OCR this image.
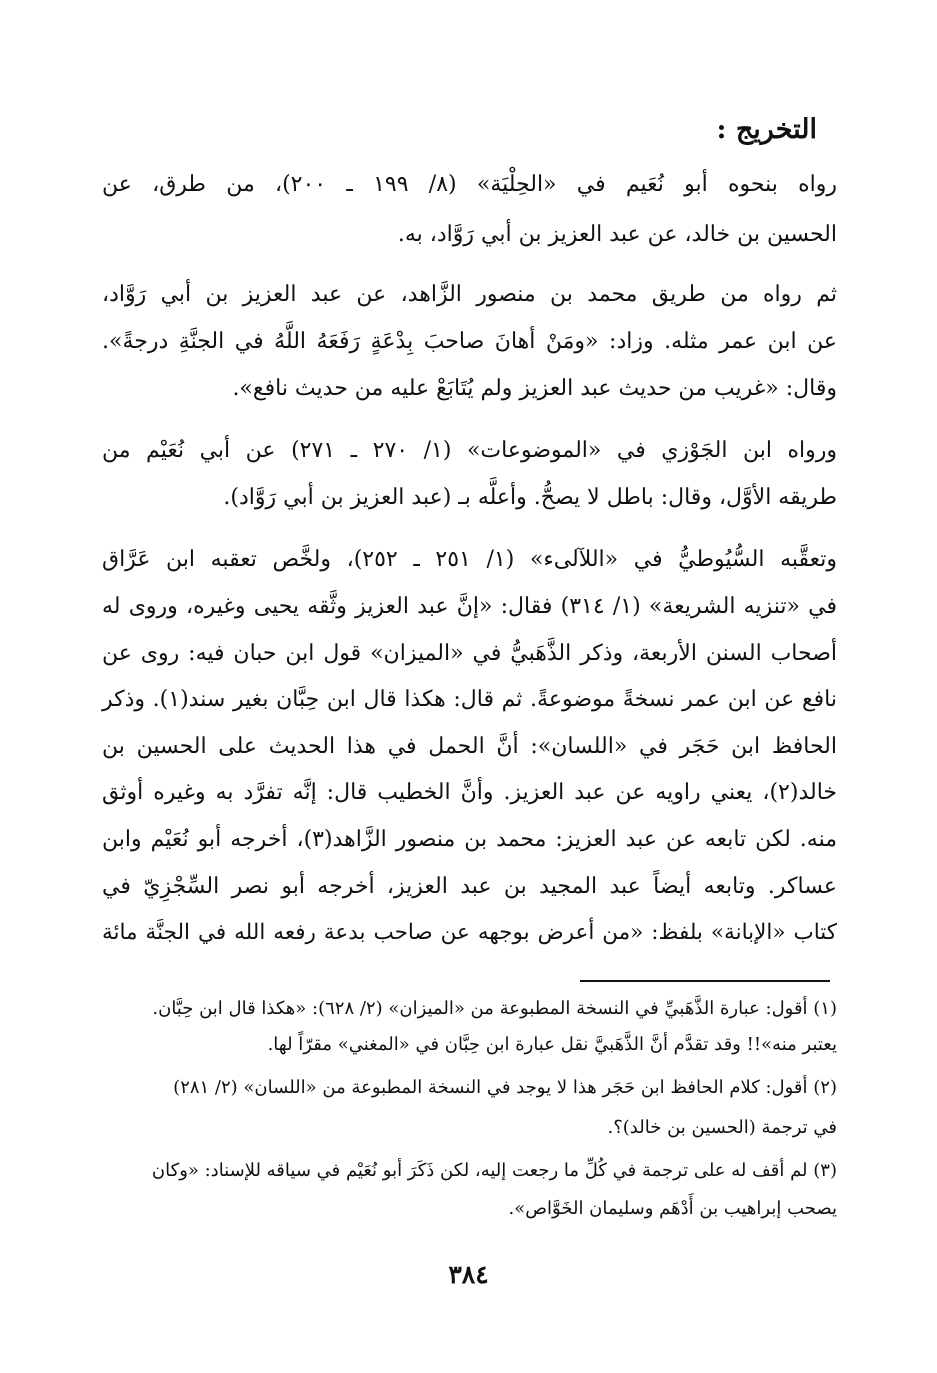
التخريج :
رواه بنحوه أبو نُعَيم في «الحِلْيَة» (٨/ ١٩٩ ـ ٢٠٠)، من طرق، عن
الحسين بن خالد، عن عبد العزيز بن أبي رَوَّاد، به.
ثم رواه من طريق محمد بن منصور الزَّاهد، عن عبد العزيز بن أبي رَوَّاد،
عن ابن عمر مثله. وزاد: «ومَنْ أهانَ صاحبَ بِدْعَةٍ رَفَعَهُ اللَّهُ في الجنَّةِ درجةً».
وقال: «غريب من حديث عبد العزيز ولم يُتَابَعْ عليه من حديث نافع».
ورواه ابن الجَوْزي في «الموضوعات» (١/ ٢٧٠ ـ ٢٧١) عن أبي نُعَيْم من
طريقه الأوَّل، وقال: باطل لا يصحُّ. وأعلَّه بـ (عبد العزيز بن أبي رَوَّاد).
وتعقَّبه السُّيُوطيُّ في «اللآلىء» (١/ ٢٥١ ـ ٢٥٢)، ولخَّص تعقبه ابن عَرَّاق
في «تنزيه الشريعة» (١/ ٣١٤) فقال: «إنَّ عبد العزيز وثَّقه يحيى وغيره، وروى له
أصحاب السنن الأربعة، وذكر الذَّهَبيُّ في «الميزان» قول ابن حبان فيه: روى عن
نافع عن ابن عمر نسخةً موضوعةً. ثم قال: هكذا قال ابن حِبَّان بغير سند(١). وذكر
الحافظ ابن حَجَر في «اللسان»: أنَّ الحمل في هذا الحديث على الحسين بن
خالد(٢)، يعني راويه عن عبد العزيز. وأنَّ الخطيب قال: إنَّه تفرَّد به وغيره أوثق
منه. لكن تابعه عن عبد العزيز: محمد بن منصور الزَّاهد(٣)، أخرجه أبو نُعَيْم وابن
عساكر. وتابعه أيضاً عبد المجيد بن عبد العزيز، أخرجه أبو نصر السِّجْزِيّ في
كتاب «الإبانة» بلفظ: «من أعرض بوجهه عن صاحب بدعة رفعه الله في الجنَّة مائة
(١) أقول: عبارة الذَّهَبيِّ في النسخة المطبوعة من «الميزان» (٢/ ٦٢٨): «هكذا قال ابن حِبَّان.
يعتبر منه»!! وقد تقدَّم أنَّ الذَّهَبيَّ نقل عبارة ابن حِبَّان في «المغني» مقرّاً لها.
(٢) أقول: كلام الحافظ ابن حَجَر هذا لا يوجد في النسخة المطبوعة من «اللسان» (٢/ ٢٨١)
في ترجمة (الحسين بن خالد)؟.
(٣) لم أقف له على ترجمة في كُلِّ ما رجعت إليه، لكن ذَكَرَ أبو نُعَيْم في سياقه للإسناد: «وكان
يصحب إبراهيب بن أَدْهَم وسليمان الخَوَّاص».
٣٨٤
